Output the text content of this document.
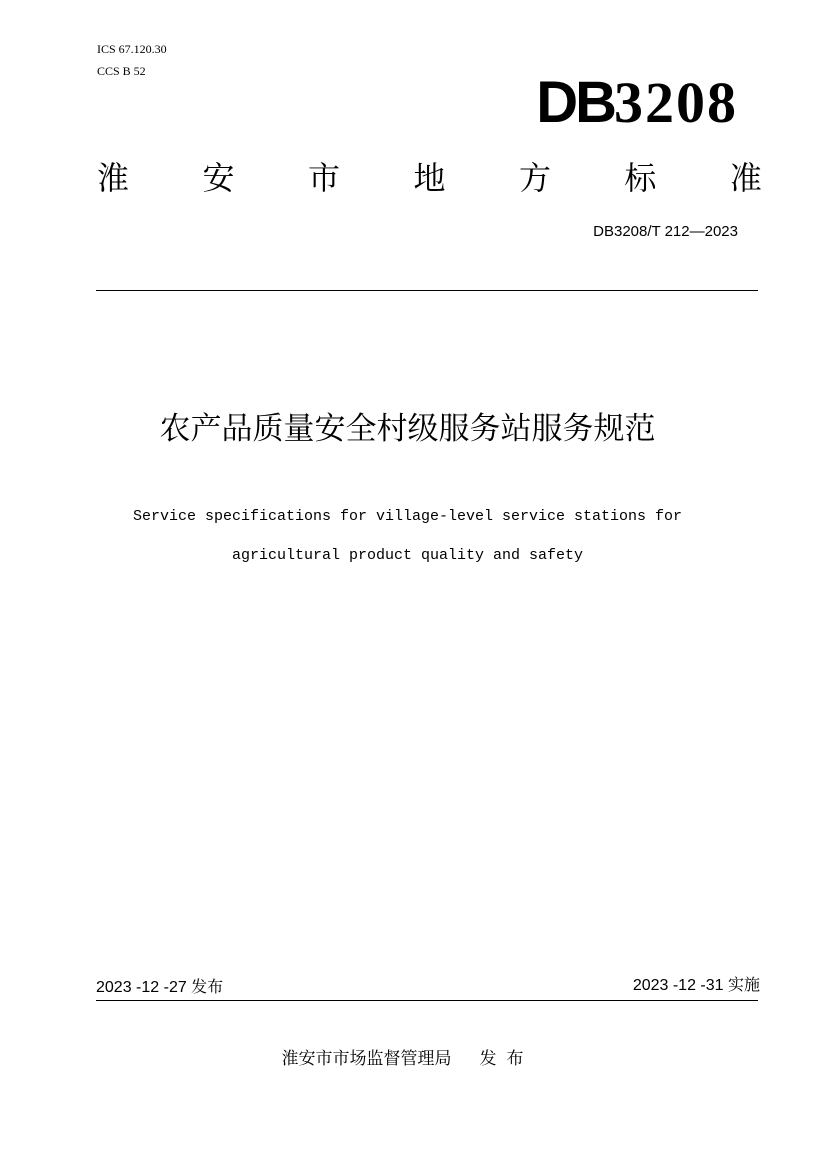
ICS 67.120.30
CCS B 52	DB3208
淮 安 市 地 方 标 准
DB3208/T 212—2023
农产品质量安全村级服务站服务规范
Service specifications for village-level service stations for
agricultural product quality and safety
2023 -12 -27 发布	2023 -12 -31 实施
淮安市市场监督管理局 发布
